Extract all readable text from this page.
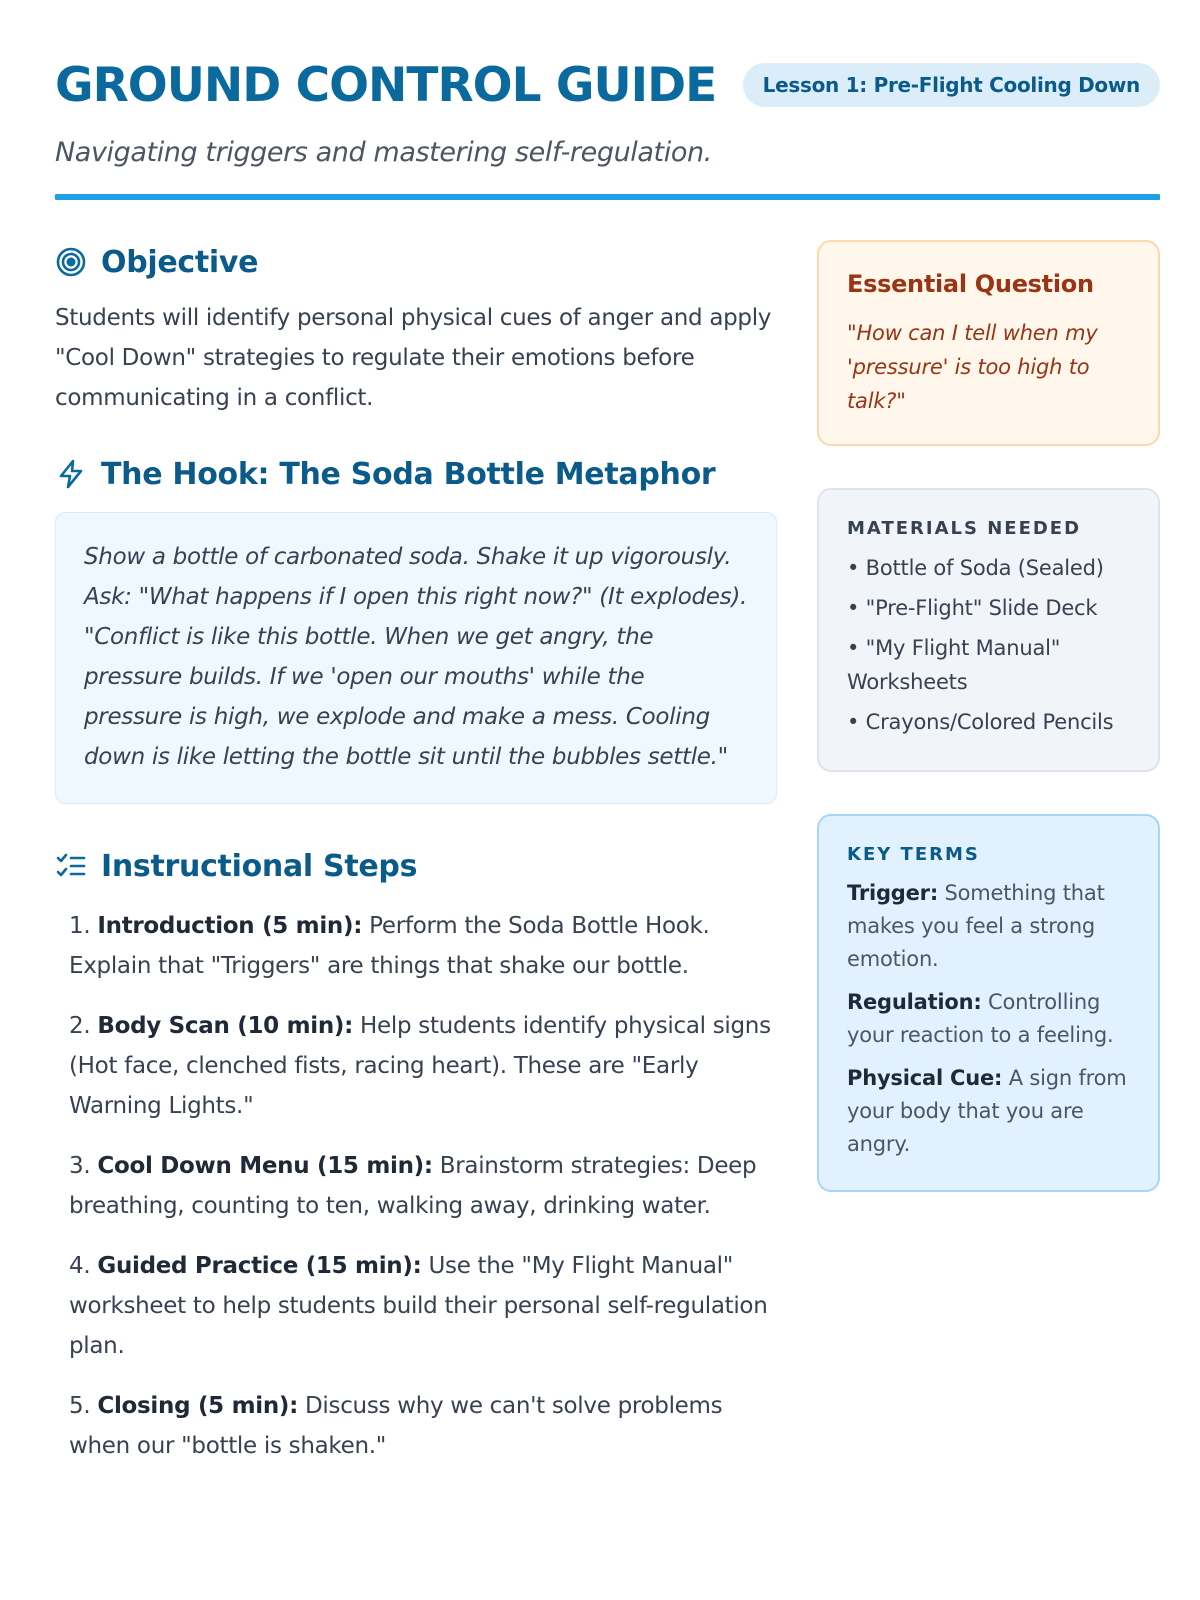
GROUND CONTROL GUIDE	Lesson 1: Pre-Flight Cooling Down
Navigating triggers and mastering self-regulation.
Objective
Students will identify personal physical cues of anger and apply "Cool Down" strategies to regulate their emotions before communicating in a conflict.
The Hook: The Soda Bottle Metaphor
Show a bottle of carbonated soda. Shake it up vigorously. Ask: "What happens if I open this right now?" (It explodes). "Conflict is like this bottle. When we get angry, the pressure builds. If we 'open our mouths' while the pressure is high, we explode and make a mess. Cooling down is like letting the bottle sit until the bubbles settle."
Instructional Steps
1. Introduction (5 min): Perform the Soda Bottle Hook. Explain that "Triggers" are things that shake our bottle.
2. Body Scan (10 min): Help students identify physical signs (Hot face, clenched fists, racing heart). These are "Early Warning Lights."
3. Cool Down Menu (15 min): Brainstorm strategies: Deep breathing, counting to ten, walking away, drinking water.
4. Guided Practice (15 min): Use the "My Flight Manual" worksheet to help students build their personal self-regulation plan.
5. Closing (5 min): Discuss why we can't solve problems when our "bottle is shaken."
Essential Question
"How can I tell when my 'pressure' is too high to talk?"
MATERIALS NEEDED
• Bottle of Soda (Sealed)
• "Pre-Flight" Slide Deck
• "My Flight Manual" Worksheets
• Crayons/Colored Pencils
KEY TERMS
Trigger: Something that makes you feel a strong emotion.
Regulation: Controlling your reaction to a feeling.
Physical Cue: A sign from your body that you are angry.
